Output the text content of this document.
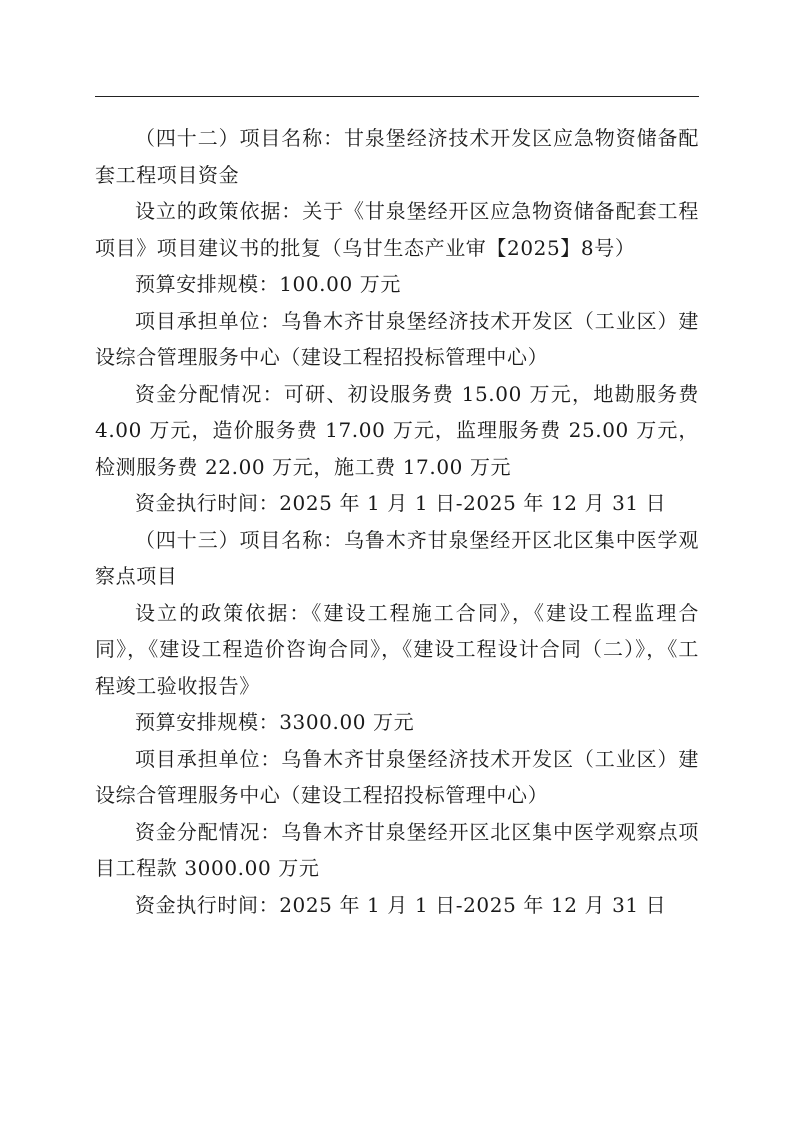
（四十二）项目名称：甘泉堡经济技术开发区应急物资储备配套工程项目资金

设立的政策依据：关于《甘泉堡经开区应急物资储备配套工程项目》项目建议书的批复（乌甘生态产业审【2025】8号）

预算安排规模：100.00 万元

项目承担单位：乌鲁木齐甘泉堡经济技术开发区（工业区）建设综合管理服务中心（建设工程招投标管理中心）

资金分配情况：可研、初设服务费 15.00 万元，地勘服务费 4.00 万元，造价服务费 17.00 万元，监理服务费 25.00 万元，检测服务费 22.00 万元，施工费 17.00 万元

资金执行时间：2025 年 1 月 1 日-2025 年 12 月 31 日

（四十三）项目名称：乌鲁木齐甘泉堡经开区北区集中医学观察点项目

设立的政策依据：《建设工程施工合同》，《建设工程监理合同》，《建设工程造价咨询合同》，《建设工程设计合同（二）》，《工程竣工验收报告》

预算安排规模：3300.00 万元

项目承担单位：乌鲁木齐甘泉堡经济技术开发区（工业区）建设综合管理服务中心（建设工程招投标管理中心）

资金分配情况：乌鲁木齐甘泉堡经开区北区集中医学观察点项目工程款 3000.00 万元

资金执行时间：2025 年 1 月 1 日-2025 年 12 月 31 日
